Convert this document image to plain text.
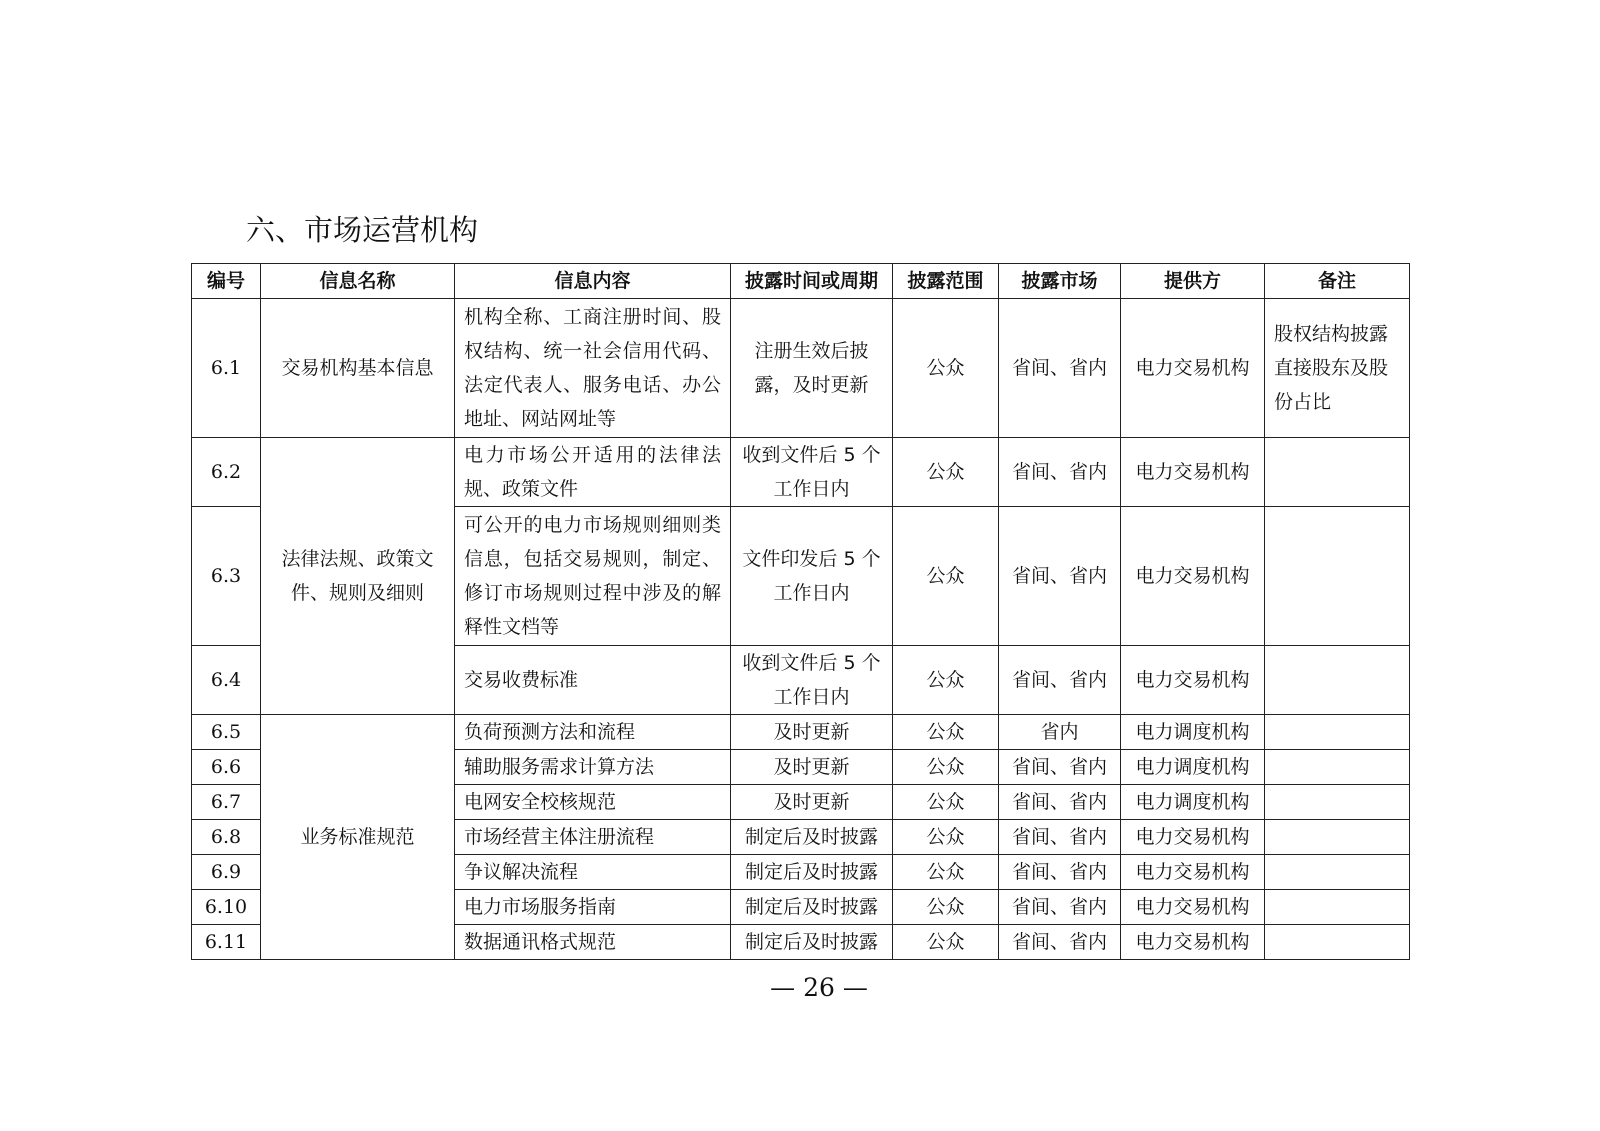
六、市场运营机构
编号	信息名称	信息内容	披露时间或周期	披露范围	披露市场	提供方	备注
6.1	交易机构基本信息	机构全称、工商注册时间、股权结构、统一社会信用代码、法定代表人、服务电话、办公地址、网站网址等	注册生效后披露，及时更新	公众	省间、省内	电力交易机构	股权结构披露直接股东及股份占比
6.2	法律法规、政策文件、规则及细则	电力市场公开适用的法律法规、政策文件	收到文件后 5 个工作日内	公众	省间、省内	电力交易机构	
6.3		可公开的电力市场规则细则类信息，包括交易规则，制定、修订市场规则过程中涉及的解释性文档等	文件印发后 5 个工作日内	公众	省间、省内	电力交易机构	
6.4		交易收费标准	收到文件后 5 个工作日内	公众	省间、省内	电力交易机构	
6.5	业务标准规范	负荷预测方法和流程	及时更新	公众	省内	电力调度机构	
6.6		辅助服务需求计算方法	及时更新	公众	省间、省内	电力调度机构	
6.7		电网安全校核规范	及时更新	公众	省间、省内	电力调度机构	
6.8		市场经营主体注册流程	制定后及时披露	公众	省间、省内	电力交易机构	
6.9		争议解决流程	制定后及时披露	公众	省间、省内	电力交易机构	
6.10		电力市场服务指南	制定后及时披露	公众	省间、省内	电力交易机构	
6.11		数据通讯格式规范	制定后及时披露	公众	省间、省内	电力交易机构	
— 26 —
